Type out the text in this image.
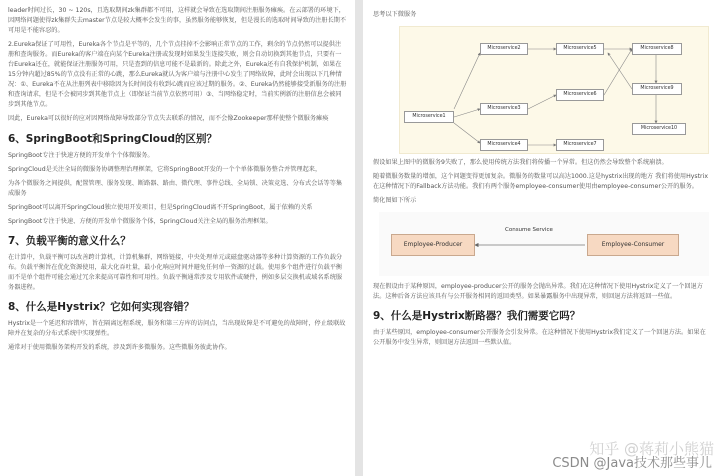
leader时间过长，30 ~ 120s，且选取期间zk集群都不可用，这样就会导致在选取期间注册服务瘫痪。在云部署的环境下，因网络问题使得zk集群失去master节点是较大概率会发生的事，虽然服务能够恢复，但是漫长的选取时间导致的注册长期不可用是不能容忍的。

2.Eureka保证了可用性，Eureka各个节点是平等的，几个节点挂掉不会影响正常节点的工作，剩余的节点仍然可以提供注册和查询服务。而Eureka的客户端在向某个Eureka注册或发现时如果发生连接失败，则会自动切换到其他节点，只要有一台Eureka还在，就能保证注册服务可用，只是查到的信息可能不是最新的。除此之外，Eureka还有自我保护机制，如果在15分钟内超过85%的节点没有正常的心跳，那么Eureka就认为客户端与注册中心发生了网络故障，此时会出现以下几种情况：①、Eureka不在从注册列表中移除因为长时间没有收到心跳而应该过期的服务。②、Eureka仍然能够接受新服务的注册和查询请求，但是不会被同步到其他节点上（即保证当前节点依然可用）③、当网络稳定时，当前实例新的注册信息会被同步到其他节点。

因此，Eureka可以很好的应对因网络故障导致部分节点失去联系的情况，而不会像Zookeeper那样使整个微服务瘫痪

6、SpringBoot和SpringCloud的区别？

SpringBoot专注于快速方便的开发单个个体微服务。

SpringCloud是关注全局的微服务协调整理治理框架，它将SpringBoot开发的一个个单体微服务整合并管理起来，

为各个微服务之间提供，配置管理、服务发现、断路器、路由、微代理、事件总线、全局锁、决策竞选、分布式会话等等集成服务

SpringBoot可以离开SpringCloud独立使用开发项目，但是SpringCloud离不开SpringBoot，属于依赖的关系

SpringBoot专注于快速、方便的开发单个微服务个体，SpringCloud关注全局的服务治理框架。

7、负载平衡的意义什么？

在计算中，负载平衡可以改善跨计算机，计算机集群，网络链接，中央处理单元或磁盘驱动器等多种计算资源的工作负载分布。负载平衡旨在优化资源使用，最大化吞吐量，最小化响应时间并避免任何单一资源的过载。使用多个组件进行负载平衡而不是单个组件可能会通过冗余来提高可靠性和可用性。负载平衡通常涉及专用软件或硬件，例如多层交换机或域名系统服务器进程。

8、什么是Hystrix？它如何实现容错？

Hystrix是一个延迟和容错库，旨在隔离远程系统，服务和第三方库的访问点，当出现故障是不可避免的故障时，停止级联故障并在复杂的分布式系统中实现弹性。

通常对于使用微服务架构开发的系统，涉及到许多微服务。这些微服务彼此协作。

思考以下微服务

Microservice1
Microservice2
Microservice3
Microservice4
Microservice5
Microservice6
Microservice7
Microservice8
Microservice9
Microservice10

假设如果上图中的微服务9失败了，那么使用传统方法我们将传播一个异常。但这仍然会导致整个系统崩溃。

随着微服务数量的增加，这个问题变得更加复杂。微服务的数量可以高达1000.这是hystrix出现的地方 我们将使用Hystrix在这种情况下的Fallback方法功能。我们有两个服务employee-consumer使用由employee-consumer公开的服务。

简化图如下所示

Employee-Producer
Consume Service
Employee-Consumer

现在假设由于某种原因，employee-producer公开的服务会抛出异常。我们在这种情况下使用Hystrix定义了一个回退方法。这种后备方法应该具有与公开服务相同的返回类型。如果暴露服务中出现异常，则回退方法将返回一些值。

9、什么是Hystrix断路器？我们需要它吗？

由于某些原因，employee-consumer公开服务会引发异常。在这种情况下使用Hystrix我们定义了一个回退方法。如果在公开服务中发生异常，则回退方法返回一些默认值。

知乎 @蒋莉小熊猫
CSDN @Java技术那些事儿
